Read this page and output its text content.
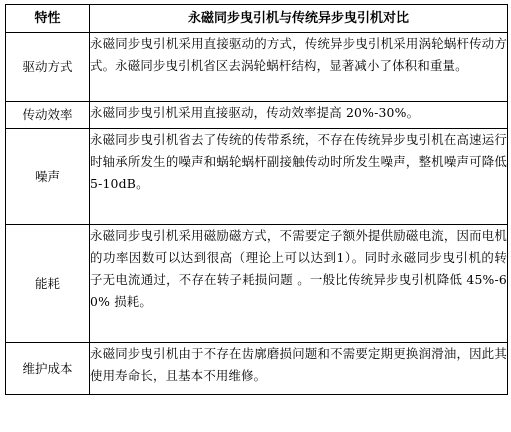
特性	永磁同步曳引机与传统异步曳引机对比
驱动方式	永磁同步曳引机采用直接驱动的方式，传统异步曳引机采用涡轮蜗杆传动方式。永磁同步曳引机省区去涡轮蜗杆结构，显著减小了体积和重量。
传动效率	永磁同步曳引机采用直接驱动，传动效率提高 20%-30%。
噪声	永磁同步曳引机省去了传统的传带系统，不存在传统异步曳引机在高速运行时轴承所发生的噪声和蜗轮蜗杆副接触传动时所发生噪声，整机噪声可降低 5-10dB。
能耗	永磁同步曳引机采用磁励磁方式，不需要定子额外提供励磁电流，因而电机的功率因数可以达到很高（理论上可以达到1）。同时永磁同步曳引机的转子无电流通过，不存在转子耗损问题 。一般比传统异步曳引机降低 45%-60% 损耗。
维护成本	永磁同步曳引机由于不存在齿廓磨损问题和不需要定期更换润滑油，因此其使用寿命长，且基本不用维修。
